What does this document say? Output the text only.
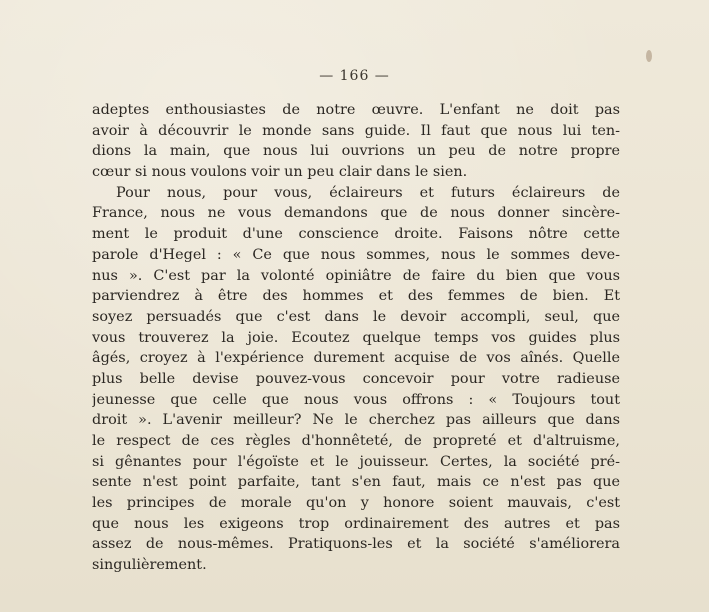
— 166 —
adeptes enthousiastes de notre œuvre. L'enfant ne doit pas
avoir à découvrir le monde sans guide. Il faut que nous lui ten-
dions la main, que nous lui ouvrions un peu de notre propre
cœur si nous voulons voir un peu clair dans le sien.
Pour nous, pour vous, éclaireurs et futurs éclaireurs de
France, nous ne vous demandons que de nous donner sincère-
ment le produit d'une conscience droite. Faisons nôtre cette
parole d'Hegel : « Ce que nous sommes, nous le sommes deve-
nus ». C'est par la volonté opiniâtre de faire du bien que vous
parviendrez à être des hommes et des femmes de bien. Et
soyez persuadés que c'est dans le devoir accompli, seul, que
vous trouverez la joie. Ecoutez quelque temps vos guides plus
âgés, croyez à l'expérience durement acquise de vos aînés. Quelle
plus belle devise pouvez-vous concevoir pour votre radieuse
jeunesse que celle que nous vous offrons : « Toujours tout
droit ». L'avenir meilleur? Ne le cherchez pas ailleurs que dans
le respect de ces règles d'honnêteté, de propreté et d'altruisme,
si gênantes pour l'égoïste et le jouisseur. Certes, la société pré-
sente n'est point parfaite, tant s'en faut, mais ce n'est pas que
les principes de morale qu'on y honore soient mauvais, c'est
que nous les exigeons trop ordinairement des autres et pas
assez de nous-mêmes. Pratiquons-les et la société s'améliorera
singulièrement.
